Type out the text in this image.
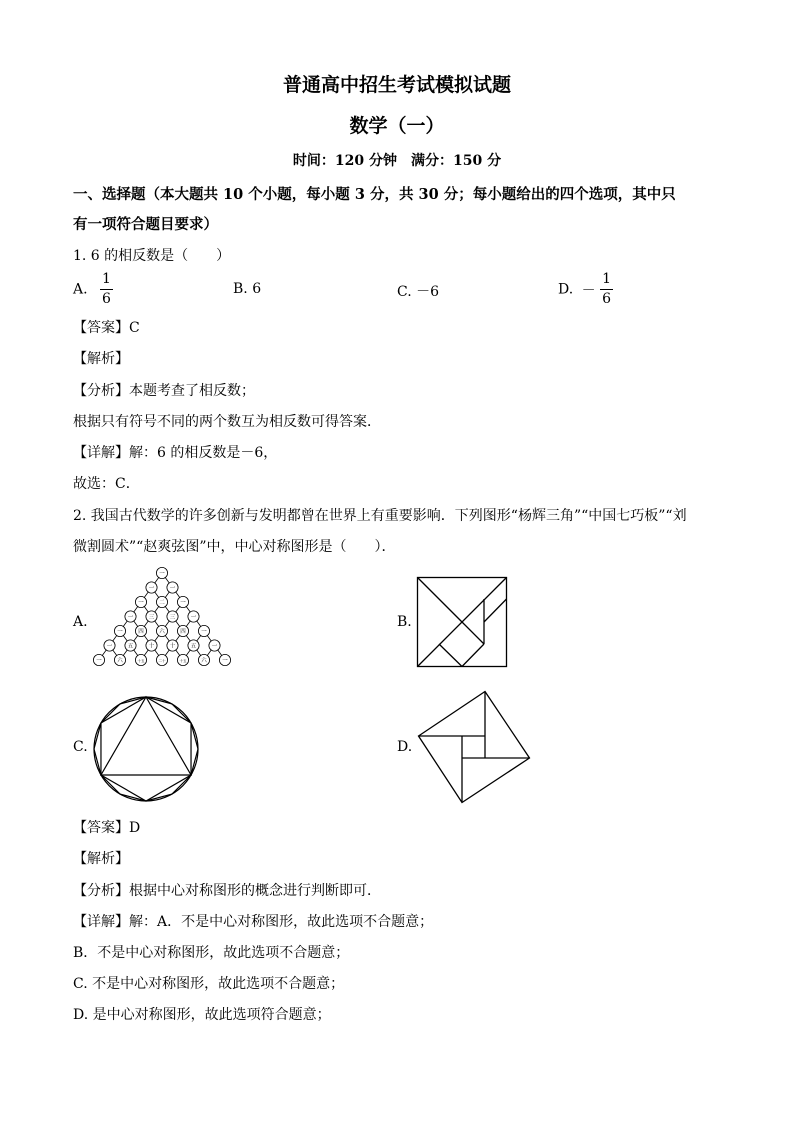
普通高中招生考试模拟试题
数学（一）
时间：120 分钟　满分：150 分
一、选择题（本大题共 10 个小题，每小题 3 分，共 30 分；每小题给出的四个选项，其中只
有一项符合题目要求）
1. 6 的相反数是（　　）
A. $\frac{1}{6}$	B. 6	C. －6	D. － $\frac{1}{6}$
【答案】C
【解析】
【分析】本题考查了相反数；
根据只有符号不同的两个数互为相反数可得答案．
【详解】解：6 的相反数是－6，
故选：C．
2. 我国古代数学的许多创新与发明都曾在世界上有重要影响．下列图形“杨辉三角”“中国七巧板”“刘
微割圆术”“赵爽弦图”中，中心对称图形是（　　）．
A.	B.
C.	D.
一
一	一
一	二	一
一	三	三	一
一	四	六	四	一
一	五	十	十	五	一
一	六	十五	二十	十五	六	一
【答案】D
【解析】
【分析】根据中心对称图形的概念进行判断即可．
【详解】解：A．不是中心对称图形，故此选项不合题意；
B．不是中心对称图形，故此选项不合题意；
C. 不是中心对称图形，故此选项不合题意；
D. 是中心对称图形，故此选项符合题意；
